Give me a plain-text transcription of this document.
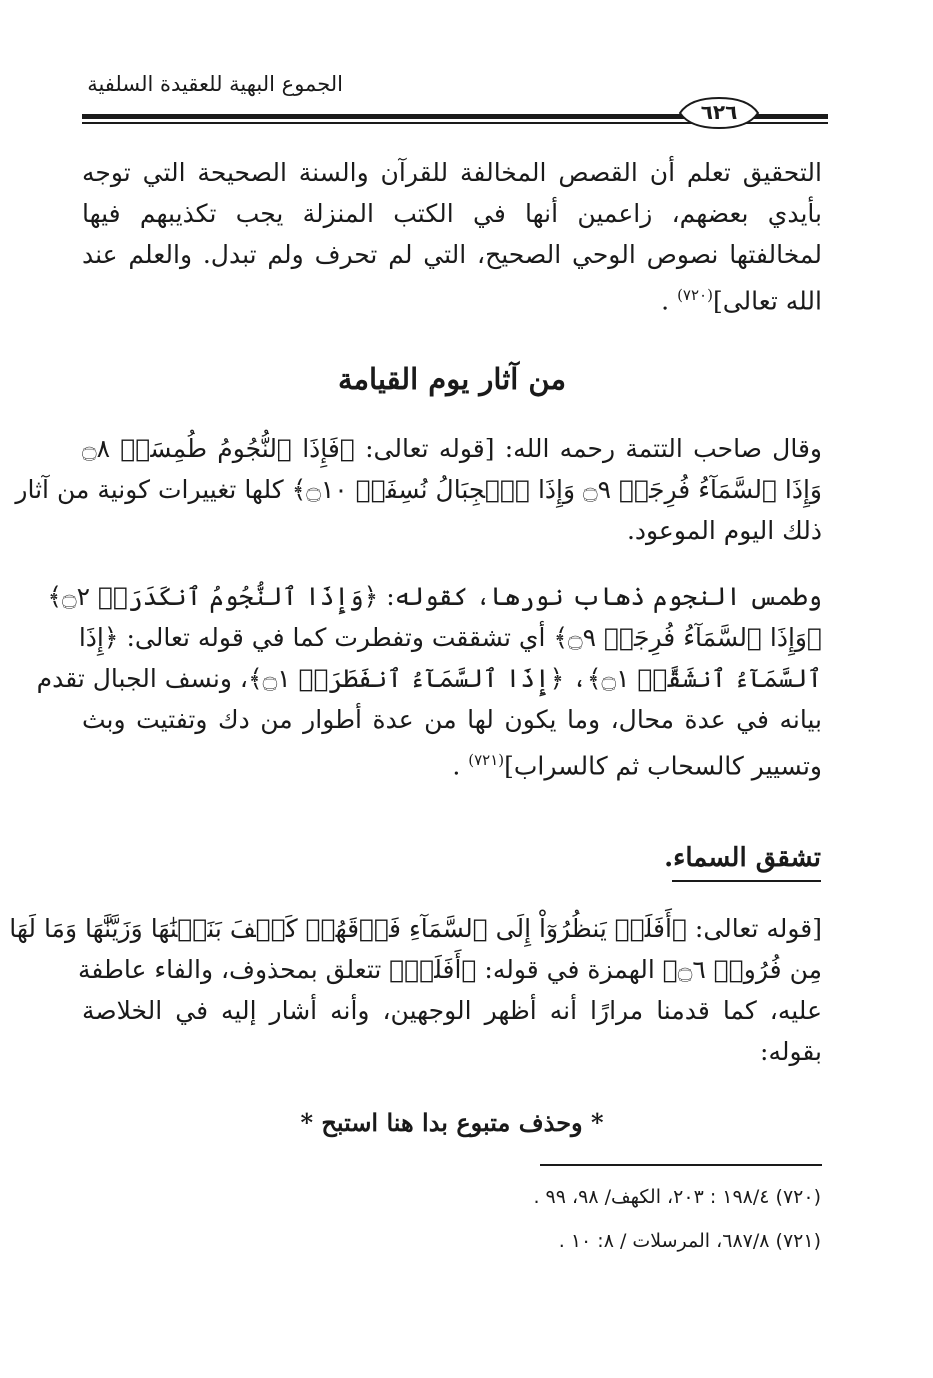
الجموع البهية للعقيدة السلفية
٦٢٦
التحقيق تعلم أن القصص المخالفة للقرآن والسنة الصحيحة التي توجه
بأيدي بعضهم، زاعمين أنها في الكتب المنزلة يجب تكذيبهم فيها
لمخالفتها نصوص الوحي الصحيح، التي لم تحرف ولم تبدل. والعلم عند
الله تعالى]$^{(٧٢٠)}$ .
من آثار يوم القيامة
وقال صاحب التتمة رحمه الله: [قوله تعالى: ﴿فَإِذَا ٱلنُّجُومُ طُمِسَتۡ ۝٨
وَإِذَا ٱلسَّمَآءُ فُرِجَتۡ ۝٩ وَإِذَا ٱلۡجِبَالُ نُسِفَتۡ ۝١٠﴾ كلها تغييرات كونية من آثار
ذلك اليوم الموعود.
وطمس النجوم ذهاب نورها، كقوله: ﴿وَإِذَا ٱلنُّجُومُ ٱنكَدَرَتۡ ۝٢﴾
﴿وَإِذَا ٱلسَّمَآءُ فُرِجَتۡ ۝٩﴾ أي تشققت وتفطرت كما في قوله تعالى: ﴿إِذَا
ٱلسَّمَآءُ ٱنشَقَّتۡ ۝١﴾، ﴿إِذَا ٱلسَّمَآءُ ٱنفَطَرَتۡ ۝١﴾، ونسف الجبال تقدم
بيانه في عدة محال، وما يكون لها من عدة أطوار من دك وتفتيت وبث
وتسيير كالسحاب ثم كالسراب]$^{(٧٢١)}$ .
تشقق السماء.
[قوله تعالى: ﴿أَفَلَمۡ يَنظُرُوٓاْ إِلَى ٱلسَّمَآءِ فَوۡقَهُمۡ كَيۡفَ بَنَيۡنَٰهَا وَزَيَّنَّٰهَا وَمَا لَهَا
مِن فُرُوجٖ ۝٦﴾ الهمزة في قوله: ﴿أَفَلَمۡ﴾ تتعلق بمحذوف، والفاء عاطفة
عليه، كما قدمنا مرارًا أنه أظهر الوجهين، وأنه أشار إليه في الخلاصة
بقوله:
* وحذف متبوع بدا هنا استبح *
(٧٢٠) ١٩٨/٤ : ٢٠٣، الكهف/ ٩٨، ٩٩ .
(٧٢١) ٦٨٧/٨، المرسلات / ٨: ١٠ .
